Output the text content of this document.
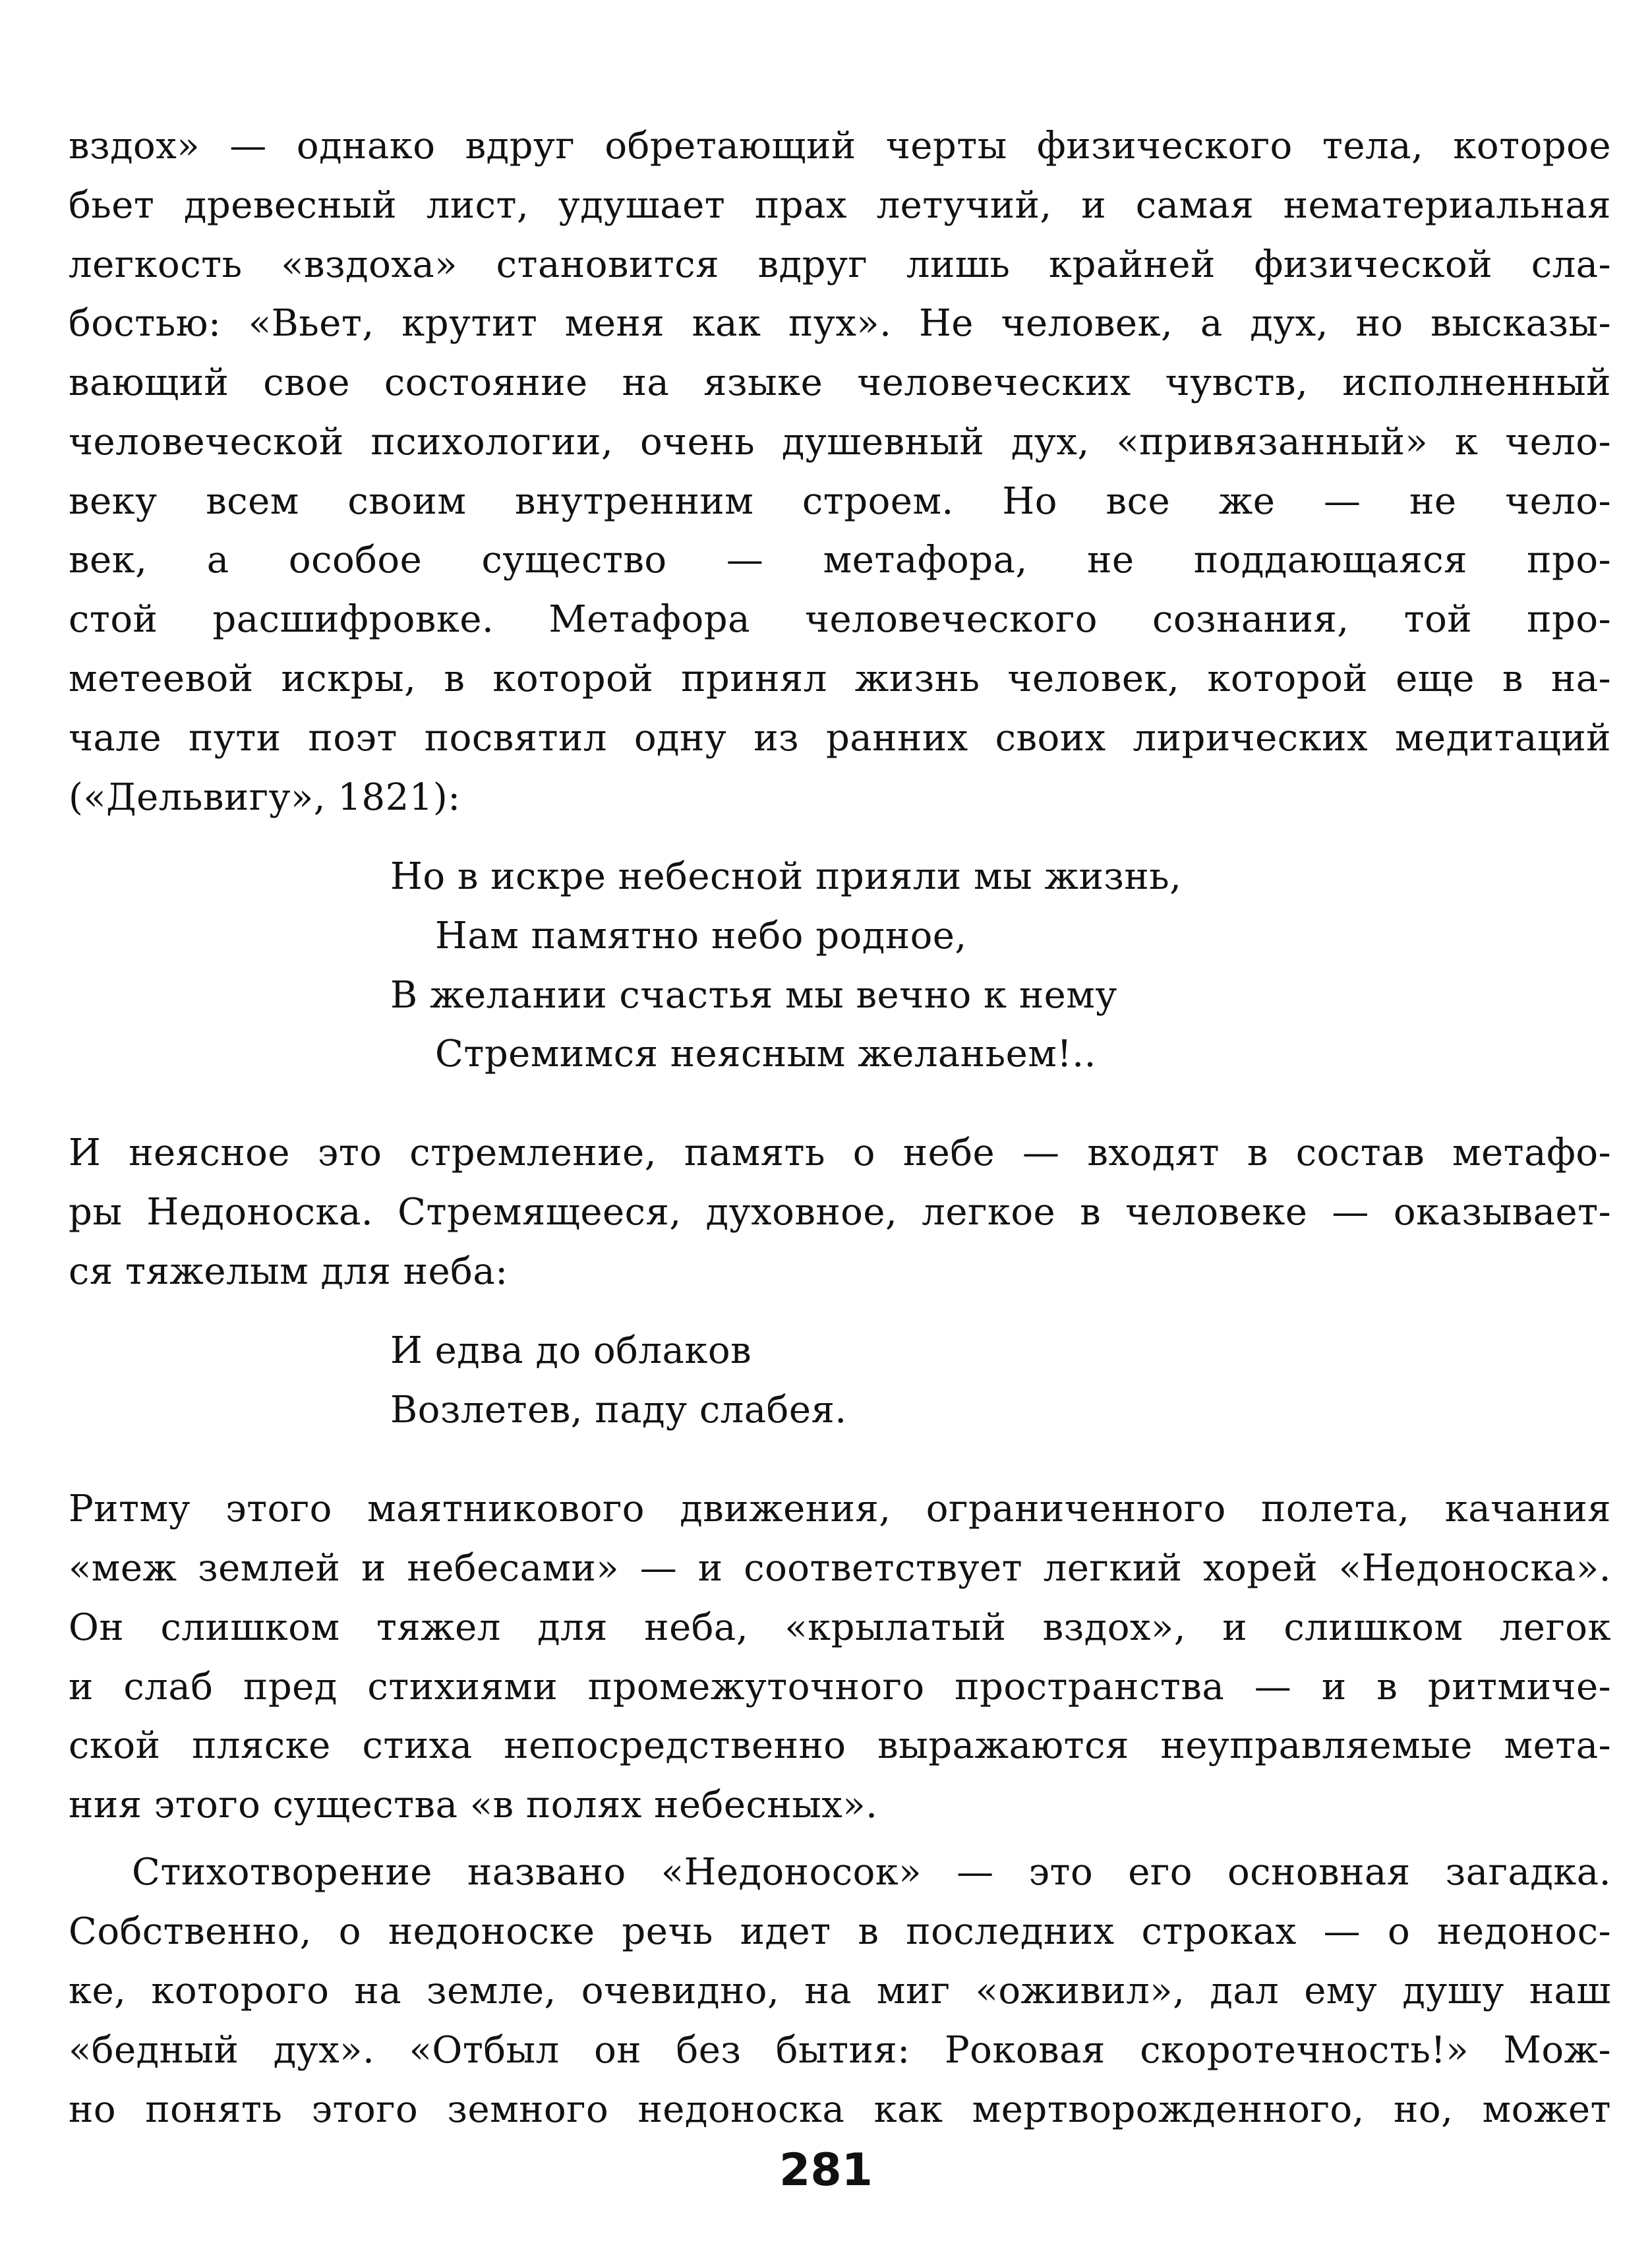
вздох» — однако вдруг обретающий черты физического тела, которое
бьет древесный лист, удушает прах летучий, и самая нематериальная
легкость «вздоха» становится вдруг лишь крайней физической сла-
бостью: «Вьет, крутит меня как пух». Не человек, а дух, но высказы-
вающий свое состояние на языке человеческих чувств, исполненный
человеческой психологии, очень душевный дух, «привязанный» к чело-
веку всем своим внутренним строем. Но все же — не чело-
век, а особое существо — метафора, не поддающаяся про-
стой расшифровке. Метафора человеческого сознания, той про-
метеевой искры, в которой принял жизнь человек, которой еще в на-
чале пути поэт посвятил одну из ранних своих лирических медитаций
(«Дельвигу», 1821):
Но в искре небесной прияли мы жизнь,
Нам памятно небо родное,
В желании счастья мы вечно к нему
Стремимся неясным желаньем!..
И неясное это стремление, память о небе — входят в состав метафо-
ры Недоноска. Стремящееся, духовное, легкое в человеке — оказывает-
ся тяжелым для неба:
И едва до облаков
Возлетев, паду слабея.
Ритму этого маятникового движения, ограниченного полета, качания
«меж землей и небесами» — и соответствует легкий хорей «Недоноска».
Он слишком тяжел для неба, «крылатый вздох», и слишком легок
и слаб пред стихиями промежуточного пространства — и в ритмиче-
ской пляске стиха непосредственно выражаются неуправляемые мета-
ния этого существа «в полях небесных».
Стихотворение названо «Недоносок» — это его основная загадка.
Собственно, о недоноске речь идет в последних строках — о недонос-
ке, которого на земле, очевидно, на миг «оживил», дал ему душу наш
«бедный дух». «Отбыл он без бытия: Роковая скоротечность!» Мож-
но понять этого земного недоноска как мертворожденного, но, может
281
